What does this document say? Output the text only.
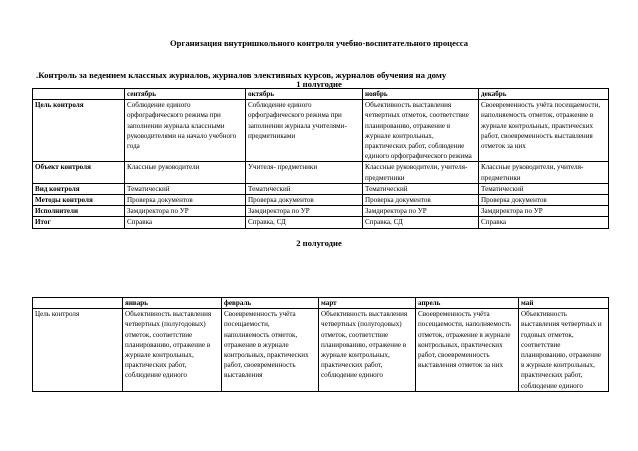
Организация внутришкольного контроля учебно-воспитательного процесса
.Контроль за ведением классных журналов, журналов элективных курсов, журналов обучения на дому
1 полугодие
	сентябрь	октябрь	ноябрь	декабрь
Цель контроля	Соблюдение единого орфографического режима при заполнении журнала классными руководителями на начало учебного года	Соблюдение единого орфографического режима при заполнении журнала учителями- предметниками	Объективность выставления четвертных отметок, соответствие планированию, отражение в журнале контрольных, практических работ, соблюдение единого орфографического режима	Своевременность учёта посещаемости, наполняемость отметок, отражение в журнале контрольных, практических работ, своевременность выставления отметок за них
Объект контроля	Классные руководители	Учителя- предметники	Классные руководители, учителя- предметники	Классные руководители, учителя- предметники
Вид контроля	Тематический	Тематический	Тематический	Тематический
Методы контроля	Проверка документов	Проверка документов	Проверка документов	Проверка документов
Исполнители	Замдиректора по УР	Замдиректора по УР	Замдиректора по УР	Замдиректора по УР
Итог	Справка	Справка, СД	Справка, СД	Справка
2 полугодие
	январь	февраль	март	апрель	май
Цель контроля	Объективность выставления четвертных (полугодовых) отметок, соответствие планированию, отражение в журнале контрольных, практических работ, соблюдение единого	Своевременность учёта посещаемости, наполняемость отметок, отражение в журнале контрольных, практических работ, своевременность выставления	Объективность выставления четвертных (полугодовых) отметок, соответствие планированию, отражение в журнале контрольных, практических работ, соблюдение единого	Своевременность учёта посещаемости, наполняемость отметок, отражение в журнале контрольных, практических работ, своевременность выставления отметок за них	Объективность выставления четвертных и годовых отметок, соответствие планированию, отражение в журнале контрольных, практических работ, соблюдение единого
